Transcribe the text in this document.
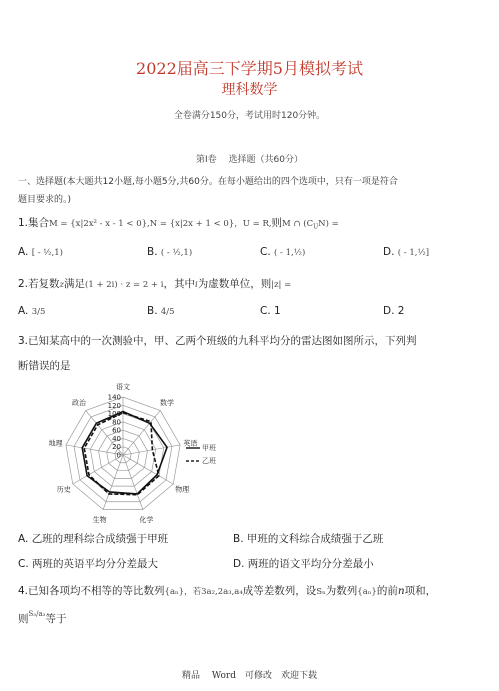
2022届高三下学期5月模拟考试
理科数学
全卷满分150分，考试用时120分钟。
第I卷　 选择题（共60分）
一、选择题(本大题共12小题,每小题5分,共60分。在每小题给出的四个选项中，只有一项是符合
题目要求的。)
1.集合M = {x|2x² - x - 1 < 0},N = {x|2x + 1 < 0}，U = R,则M ∩ $(C_UN)$ =
A. [ - ½,1)	B. ( - ½,1)	C. ( - 1,½)	D. ( - 1,½]
2.若复数z满足(1 + 2i) · z = 2 + i，其中i为虚数单位，则|z| =
A. 3/5	B. 4/5	C. 1	D. 2
3.已知某高中的一次测验中，甲、乙两个班级的九科平均分的雷达图如图所示，下列判
断错误的是
语文
数学
英语
物理
化学
生物
历史
地理
政治
140
120
100
80
60
40
20
0
甲班
乙班
A. 乙班的理科综合成绩强于甲班	B. 甲班的文科综合成绩强于乙班
C. 两班的英语平均分分差最大	D. 两班的语文平均分分差最小
4.已知各项均不相等的等比数列{aₙ}，若3a₂,2a₃,a₄成等差数列，设Sₙ为数列{aₙ}的前n项和，
则$^{S_3/a_3}$等于
精品　 Word　可修改　欢迎下载
